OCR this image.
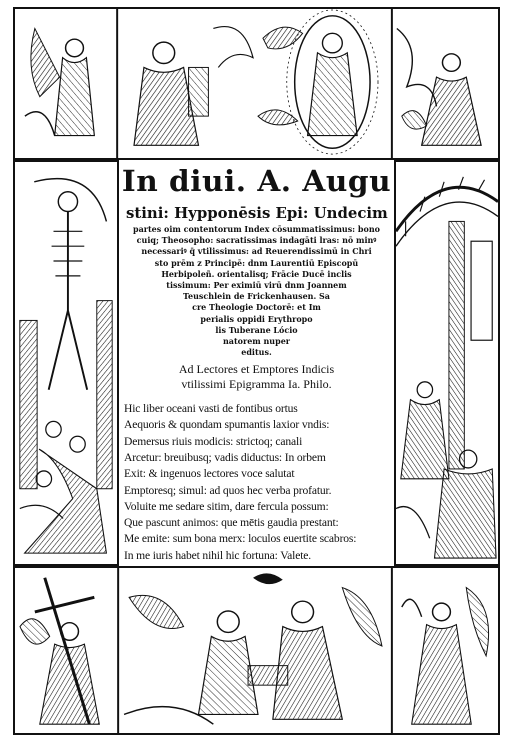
In diui. A. Augu
stini: Hypponēsis Epi: Undecim
partes oim contentorum Index cōsummatissimus: bono
cuiq; Theosopho: sacratissimas indagāti lras: nō minꝰ
necessariꝰ q̄ vtilissimus: ad Reuerendissimū in Chri
sto prēm z Principē: dnm Laurentiū Episcopū
Herbipoleñ. orientalisq; Frācie Ducē inclis
tissimum: Per eximiū virū dnm Joannem
Teuschlein de Frickenhausen. Sa
cre Theologie Doctorē: et Im
perialis oppidi Erythropo
lis Tuberane Lócio
natorem nuper
editus.
Ad Lectores et Emptores Indicis
vtilissimi Epigramma Ia. Philo.
Hic liber oceani vasti de fontibus ortus
Aequoris & quondam spumantis laxior vndis:
Demersus riuis modicis: strictoq; canali
Arcetur: breuibusq; vadis diductus: In orbem
Exit: & ingenuos lectores voce salutat
Emptoresq; simul: ad quos hec verba profatur.
Voluite me sedare sitim, dare fercula possum:
Que pascunt animos: que mētis gaudia prestant:
Me emite: sum bona merx: loculos euertite scabros:
In me iuris habet nihil hic fortuna: Valete.
